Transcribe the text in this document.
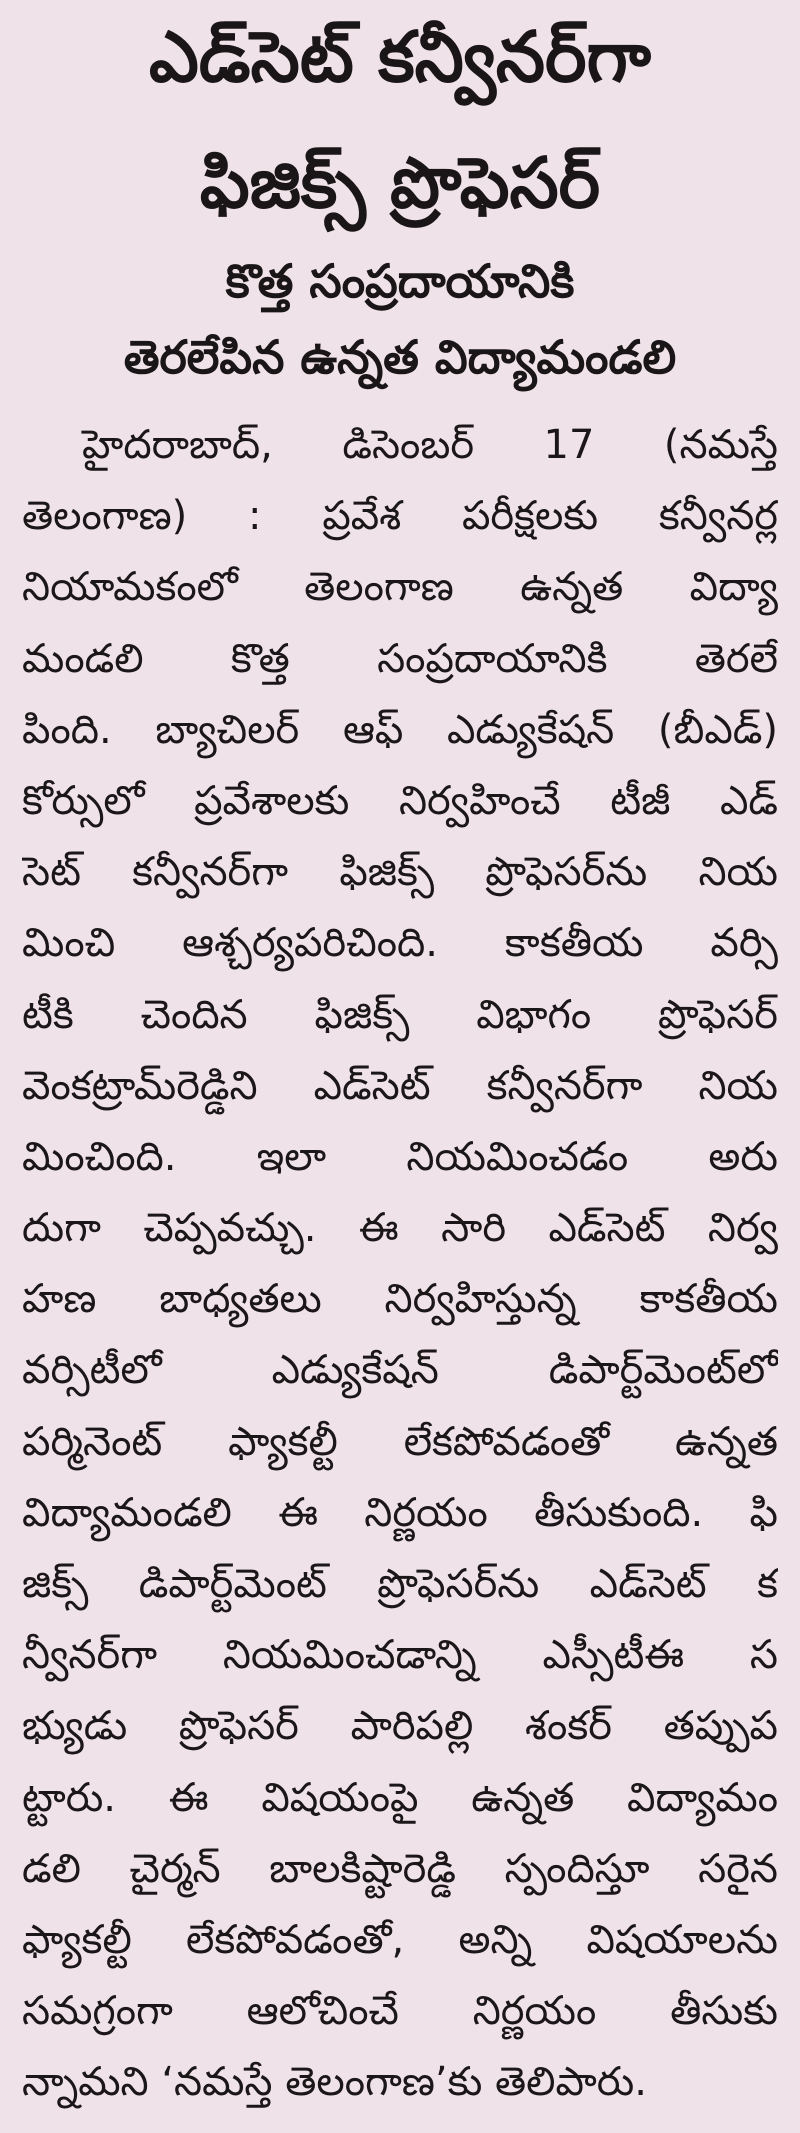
ఎడ్‌సెట్ కన్వీనర్‌గా
ఫిజిక్స్ ప్రొఫెసర్
కొత్త సంప్రదాయానికి
తెరలేపిన ఉన్నత విద్యామండలి
హైదరాబాద్, డిసెంబర్ 17 (నమస్తే
తెలంగాణ) : ప్రవేశ పరీక్షలకు కన్వీనర్ల
నియామకంలో తెలంగాణ ఉన్నత విద్యా
మండలి కొత్త సంప్రదాయానికి తెరలే
పింది. బ్యాచిలర్ ఆఫ్ ఎడ్యుకేషన్ (బీఎడ్)
కోర్సులో ప్రవేశాలకు నిర్వహించే టీజీ ఎడ్
సెట్ కన్వీనర్‌గా ఫిజిక్స్ ప్రొఫెసర్‌ను నియ
మించి ఆశ్చర్యపరిచింది. కాకతీయ వర్సి
టీకి చెందిన ఫిజిక్స్ విభాగం ప్రొఫెసర్
వెంకట్రామ్‌రెడ్డిని ఎడ్‌సెట్ కన్వీనర్‌గా నియ
మించింది. ఇలా నియమించడం అరు
దుగా చెప్పవచ్చు. ఈ సారి ఎడ్‌సెట్ నిర్వ
హణ బాధ్యతలు నిర్వహిస్తున్న కాకతీయ
వర్సిటీలో ఎడ్యుకేషన్ డిపార్ట్‌మెంట్‌లో
పర్మినెంట్ ఫ్యాకల్టీ లేకపోవడంతో ఉన్నత
విద్యామండలి ఈ నిర్ణయం తీసుకుంది. ఫి
జిక్స్ డిపార్ట్‌మెంట్ ప్రొఫెసర్‌ను ఎడ్‌సెట్ క
న్వీనర్‌గా నియమించడాన్ని ఎస్సీటీఈ స
భ్యుడు ప్రొఫెసర్ పారిపల్లి శంకర్ తప్పుప
ట్టారు. ఈ విషయంపై ఉన్నత విద్యామం
డలి చైర్మన్ బాలకిష్టారెడ్డి స్పందిస్తూ సరైన
ఫ్యాకల్టీ లేకపోవడంతో, అన్ని విషయాలను
సమగ్రంగా ఆలోచించే నిర్ణయం తీసుకు
న్నామని ‘నమస్తే తెలంగాణ’కు తెలిపారు.
